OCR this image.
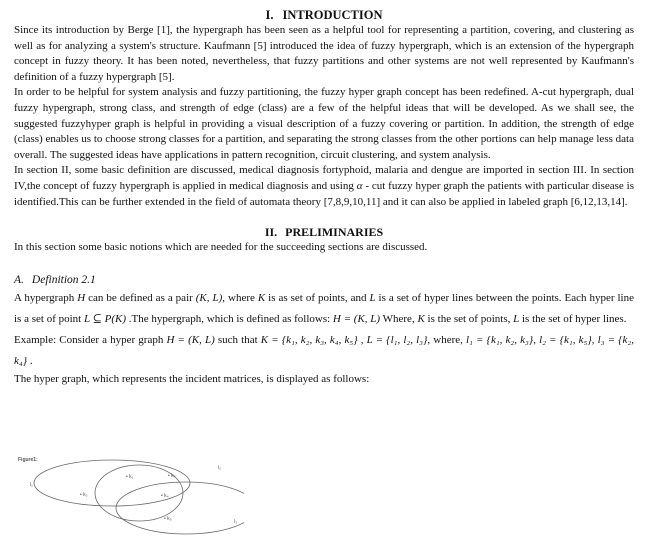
I. INTRODUCTION

Since its introduction by Berge [1], the hypergraph has been seen as a helpful tool for representing a partition, covering, and clustering as well as for analyzing a system's structure. Kaufmann [5] introduced the idea of fuzzy hypergraph, which is an extension of the hypergraph concept in fuzzy theory. It has been noted, nevertheless, that fuzzy partitions and other systems are not well represented by Kaufmann's definition of a fuzzy hypergraph [5].

In order to be helpful for system analysis and fuzzy partitioning, the fuzzy hyper graph concept has been redefined. A-cut hypergraph, dual fuzzy hypergraph, strong class, and strength of edge (class) are a few of the helpful ideas that will be developed. As we shall see, the suggested fuzzyhyper graph is helpful in providing a visual description of a fuzzy covering or partition. In addition, the strength of edge (class) enables us to choose strong classes for a partition, and separating the strong classes from the other portions can help manage less data overall. The suggested ideas have applications in pattern recognition, circuit clustering, and system analysis.

In section II, some basic definition are discussed, medical diagnosis fortyphoid, malaria and dengue are imported in section III. In section IV,the concept of fuzzy hypergraph is applied in medical diagnosis and using α - cut fuzzy hyper graph the patients with particular disease is identified.This can be further extended in the field of automata theory [7,8,9,10,11] and it can also be applied in labeled graph [6,12,13,14].

II. PRELIMINARIES

In this section some basic notions which are needed for the succeeding sections are discussed.

A. Definition 2.1

A hypergraph H can be defined as a pair (K, L), where K is as set of points, and L is a set of hyper lines between the points. Each hyper line is a set of point L ⊆ P(K) .The hypergraph, which is defined as follows: H = (K, L) Where, K is the set of points, L is the set of hyper lines.

Example: Consider a hyper graph H = (K, L) such that K = {k₁, k₂, k₃, k₄, k₅} , L = {l₁, l₂, l₃}, where, l₁ = {k₁, k₂, k₃}, l₂ = {k₁, k₅}, l₃ = {k₂, k₄} .

The hyper graph, which represents the incident matrices, is displayed as follows:

Figure1:
l₁
l₂
l₃
• k₁
• k₂
• k₃
• k₄
• k₅
